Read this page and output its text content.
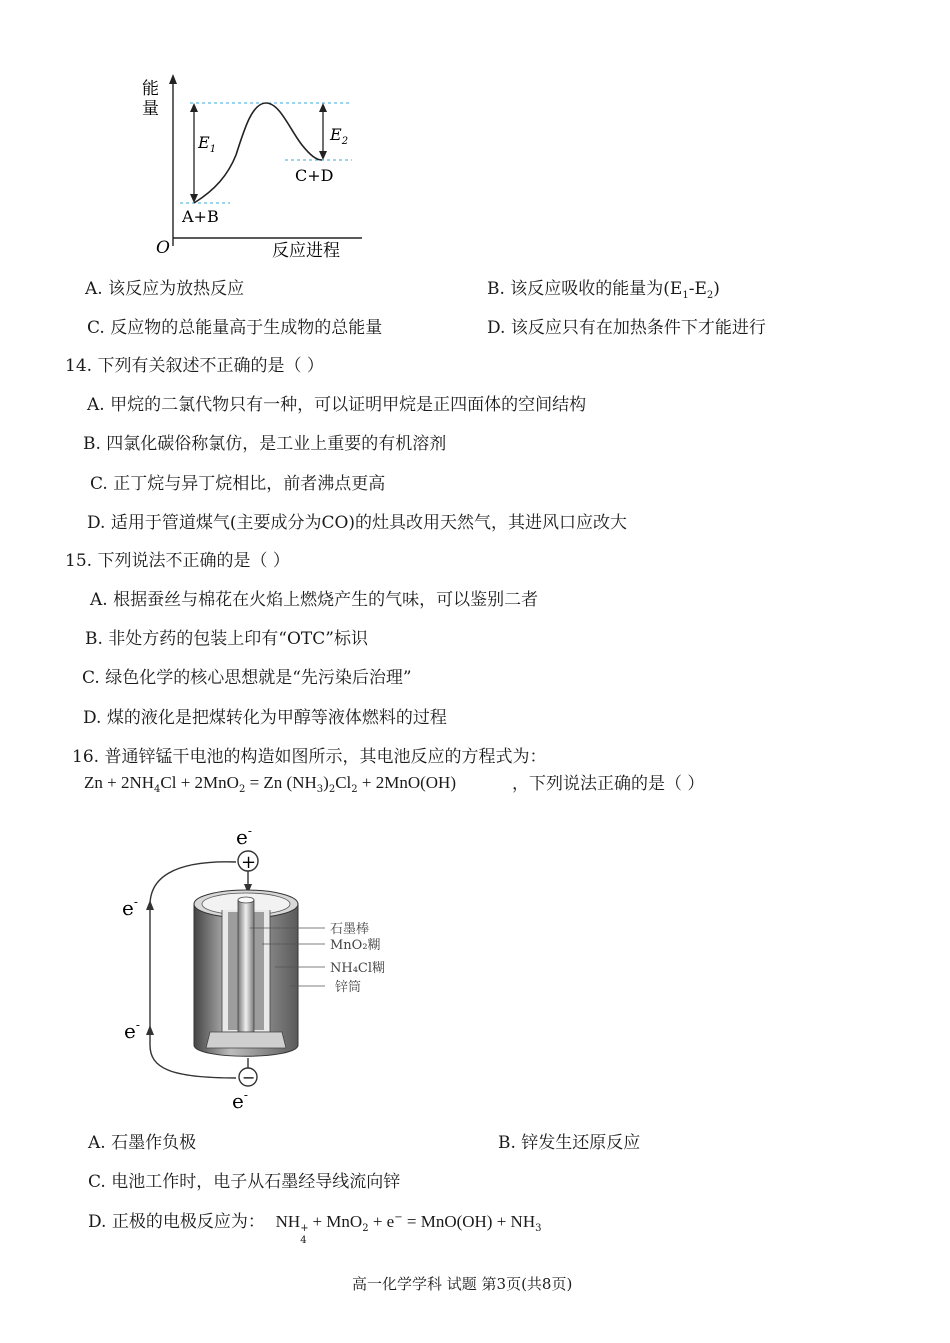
能
量
O	反应进程
$E_1$
$E_2$
A+B
C+D
A. 该反应为放热反应	B. 该反应吸收的能量为$(E_1-E_2)$
C. 反应物的总能量高于生成物的总能量	D. 该反应只有在加热条件下才能进行
14. 下列有关叙述不正确的是（ ）
A. 甲烷的二氯代物只有一种，可以证明甲烷是正四面体的空间结构
B. 四氯化碳俗称氯仿，是工业上重要的有机溶剂
C. 正丁烷与异丁烷相比，前者沸点更高
D. 适用于管道煤气(主要成分为CO)的灶具改用天然气，其进风口应改大
15. 下列说法不正确的是（ ）
A. 根据蚕丝与棉花在火焰上燃烧产生的气味，可以鉴别二者
B. 非处方药的包装上印有“OTC”标识
C. 绿色化学的核心思想就是“先污染后治理”
D. 煤的液化是把煤转化为甲醇等液体燃料的过程
16. 普通锌锰干电池的构造如图所示，其电池反应的方程式为：
$Zn + 2NH_4Cl + 2MnO_2 = Zn$ $(NH_3)_2Cl_2 + 2MnO(OH)$	，下列说法正确的是（ ）
e-
e-
e-
e-
+
−
石墨棒
MnO₂糊
NH₄Cl糊
锌筒
A. 石墨作负极	B. 锌发生还原反应
C. 电池工作时，电子从石墨经导线流向锌
D. 正极的电极反应为： NH +
4
+ $MnO_2 + e^- = MnO(OH) + NH_3$
高一化学学科 试题 第3页(共8页)
